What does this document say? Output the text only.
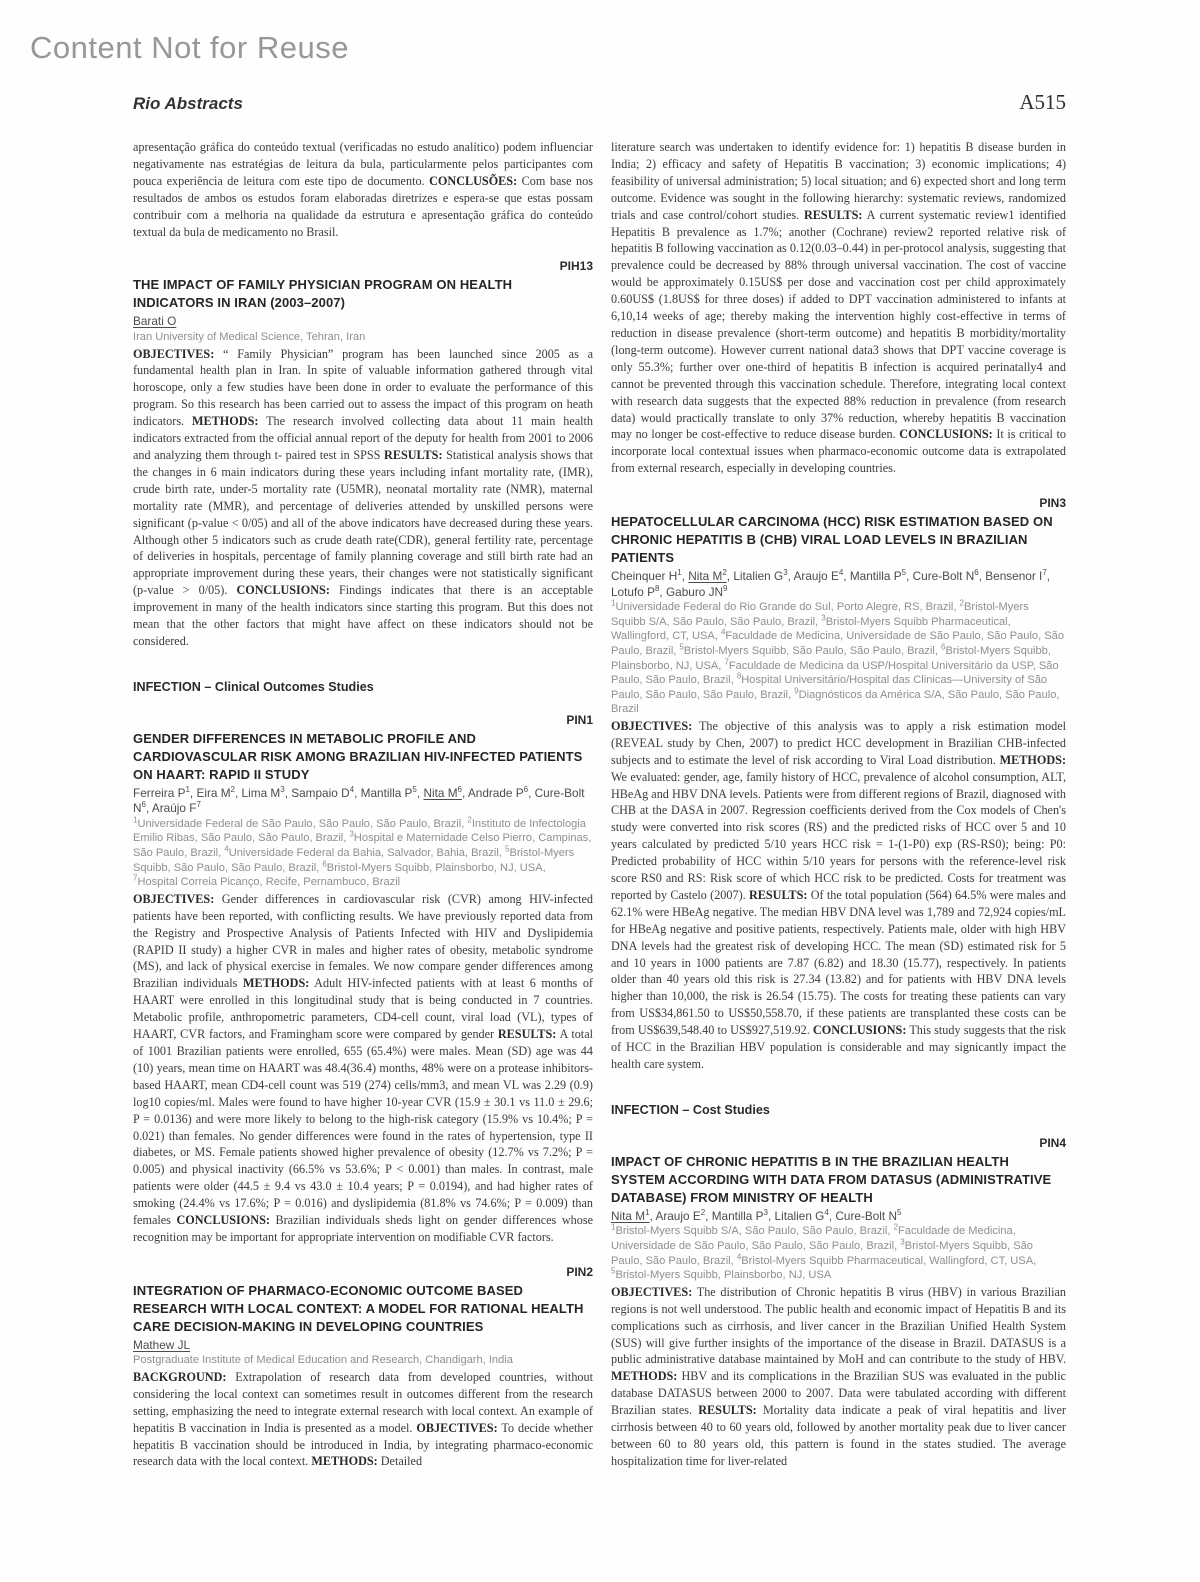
Content Not for Reuse
Rio Abstracts	A515

apresentação gráfica do conteúdo textual (verificadas no estudo analítico) podem influenciar negativamente nas estratégias de leitura da bula, particularmente pelos participantes com pouca experiência de leitura com este tipo de documento. CONCLUSÕES: Com base nos resultados de ambos os estudos foram elaboradas diretrizes e espera-se que estas possam contribuir com a melhoria na qualidade da estrutura e apresentação gráfica do conteúdo textual da bula de medicamento no Brasil.

PIH13
THE IMPACT OF FAMILY PHYSICIAN PROGRAM ON HEALTH INDICATORS IN IRAN (2003–2007)
Barati O
Iran University of Medical Science, Tehran, Iran

OBJECTIVES: “ Family Physician” program has been launched since 2005 as a fundamental health plan in Iran. In spite of valuable information gathered through vital horoscope, only a few studies have been done in order to evaluate the performance of this program. So this research has been carried out to assess the impact of this program on heath indicators. METHODS: The research involved collecting data about 11 main health indicators extracted from the official annual report of the deputy for health from 2001 to 2006 and analyzing them through t- paired test in SPSS RESULTS: Statistical analysis shows that the changes in 6 main indicators during these years including infant mortality rate, (IMR), crude birth rate, under-5 mortality rate (U5MR), neonatal mortality rate (NMR), maternal mortality rate (MMR), and percentage of deliveries attended by unskilled persons were significant (p-value < 0/05) and all of the above indicators have decreased during these years. Although other 5 indicators such as crude death rate(CDR), general fertility rate, percentage of deliveries in hospitals, percentage of family planning coverage and still birth rate had an appropriate improvement during these years, their changes were not statistically significant (p-value > 0/05). CONCLUSIONS: Findings indicates that there is an acceptable improvement in many of the health indicators since starting this program. But this does not mean that the other factors that might have affect on these indicators should not be considered.

INFECTION – Clinical Outcomes Studies
PIN1
GENDER DIFFERENCES IN METABOLIC PROFILE AND CARDIOVASCULAR RISK AMONG BRAZILIAN HIV-INFECTED PATIENTS ON HAART: RAPID II STUDY
Ferreira $P^1$, Eira $M^2$, Lima $M^3$, Sampaio $D^4$, Mantilla $P^5$, Nita $M^6$, Andrade $P^6$, Cure-Bolt $N^6$, Araújo $F^7$
$^1$Universidade Federal de São Paulo, São Paulo, São Paulo, Brazil, $^2$Instituto de Infectologia Emilio Ribas, São Paulo, São Paulo, Brazil, $^3$Hospital e Maternidade Celso Pierro, Campinas, São Paulo, Brazil, $^4$Universidade Federal da Bahia, Salvador, Bahia, Brazil, $^5$Bristol-Myers Squibb, São Paulo, São Paulo, Brazil, $^6$Bristol-Myers Squibb, Plainsborbo, NJ, USA, $^7$Hospital Correia Picanço, Recife, Pernambuco, Brazil

OBJECTIVES: Gender differences in cardiovascular risk (CVR) among HIV-infected patients have been reported, with conflicting results. We have previously reported data from the Registry and Prospective Analysis of Patients Infected with HIV and Dyslipidemia (RAPID II study) a higher CVR in males and higher rates of obesity, metabolic syndrome (MS), and lack of physical exercise in females. We now compare gender differences among Brazilian individuals METHODS: Adult HIV-infected patients with at least 6 months of HAART were enrolled in this longitudinal study that is being conducted in 7 countries. Metabolic profile, anthropometric parameters, CD4-cell count, viral load (VL), types of HAART, CVR factors, and Framingham score were compared by gender RESULTS: A total of 1001 Brazilian patients were enrolled, 655 (65.4%) were males. Mean (SD) age was 44 (10) years, mean time on HAART was 48.4(36.4) months, 48% were on a protease inhibitors-based HAART, mean CD4-cell count was 519 (274) cells/mm3, and mean VL was 2.29 (0.9) log10 copies/ml. Males were found to have higher 10-year CVR (15.9 ± 30.1 vs 11.0 ± 29.6; P = 0.0136) and were more likely to belong to the high-risk category (15.9% vs 10.4%; P = 0.021) than females. No gender differences were found in the rates of hypertension, type II diabetes, or MS. Female patients showed higher prevalence of obesity (12.7% vs 7.2%; P = 0.005) and physical inactivity (66.5% vs 53.6%; P < 0.001) than males. In contrast, male patients were older (44.5 ± 9.4 vs 43.0 ± 10.4 years; P = 0.0194), and had higher rates of smoking (24.4% vs 17.6%; P = 0.016) and dyslipidemia (81.8% vs 74.6%; P = 0.009) than females CONCLUSIONS: Brazilian individuals sheds light on gender differences whose recognition may be important for appropriate intervention on modifiable CVR factors.

PIN2
INTEGRATION OF PHARMACO-ECONOMIC OUTCOME BASED RESEARCH WITH LOCAL CONTEXT: A MODEL FOR RATIONAL HEALTH CARE DECISION-MAKING IN DEVELOPING COUNTRIES
Mathew JL
Postgraduate Institute of Medical Education and Research, Chandigarh, India

BACKGROUND: Extrapolation of research data from developed countries, without considering the local context can sometimes result in outcomes different from the research setting, emphasizing the need to integrate external research with local context. An example of hepatitis B vaccination in India is presented as a model. OBJECTIVES: To decide whether hepatitis B vaccination should be introduced in India, by integrating pharmaco-economic research data with the local context. METHODS: Detailed

literature search was undertaken to identify evidence for: 1) hepatitis B disease burden in India; 2) efficacy and safety of Hepatitis B vaccination; 3) economic implications; 4) feasibility of universal administration; 5) local situation; and 6) expected short and long term outcome. Evidence was sought in the following hierarchy: systematic reviews, randomized trials and case control/cohort studies. RESULTS: A current systematic review1 identified Hepatitis B prevalence as 1.7%; another (Cochrane) review2 reported relative risk of hepatitis B following vaccination as 0.12(0.03–0.44) in per-protocol analysis, suggesting that prevalence could be decreased by 88% through universal vaccination. The cost of vaccine would be approximately 0.15US$ per dose and vaccination cost per child approximately 0.60US$ (1.8US$ for three doses) if added to DPT vaccination administered to infants at 6,10,14 weeks of age; thereby making the intervention highly cost-effective in terms of reduction in disease prevalence (short-term outcome) and hepatitis B morbidity/mortality (long-term outcome). However current national data3 shows that DPT vaccine coverage is only 55.3%; further over one-third of hepatitis B infection is acquired perinatally4 and cannot be prevented through this vaccination schedule. Therefore, integrating local context with research data suggests that the expected 88% reduction in prevalence (from research data) would practically translate to only 37% reduction, whereby hepatitis B vaccination may no longer be cost-effective to reduce disease burden. CONCLUSIONS: It is critical to incorporate local contextual issues when pharmaco-economic outcome data is extrapolated from external research, especially in developing countries.

PIN3
HEPATOCELLULAR CARCINOMA (HCC) RISK ESTIMATION BASED ON CHRONIC HEPATITIS B (CHB) VIRAL LOAD LEVELS IN BRAZILIAN PATIENTS
Cheinquer $H^1$, Nita $M^2$, Litalien $G^3$, Araujo $E^4$, Mantilla $P^5$, Cure-Bolt $N^6$, Bensenor $I^7$, Lotufo $P^8$, Gaburo $JN^9$
$^1$Universidade Federal do Rio Grande do Sul, Porto Alegre, RS, Brazil, $^2$Bristol-Myers Squibb S/A, São Paulo, São Paulo, Brazil, $^3$Bristol-Myers Squibb Pharmaceutical, Wallingford, CT, USA, $^4$Faculdade de Medicina, Universidade de São Paulo, São Paulo, São Paulo, Brazil, $^5$Bristol-Myers Squibb, São Paulo, São Paulo, Brazil, $^6$Bristol-Myers Squibb, Plainsborbo, NJ, USA, $^7$Faculdade de Medicina da USP/Hospital Universitário da USP, São Paulo, São Paulo, Brazil, $^8$Hospital Universitário/Hospital das Clinicas—University of São Paulo, São Paulo, São Paulo, Brazil, $^9$Diagnósticos da América S/A, São Paulo, São Paulo, Brazil

OBJECTIVES: The objective of this analysis was to apply a risk estimation model (REVEAL study by Chen, 2007) to predict HCC development in Brazilian CHB-infected subjects and to estimate the level of risk according to Viral Load distribution. METHODS: We evaluated: gender, age, family history of HCC, prevalence of alcohol consumption, ALT, HBeAg and HBV DNA levels. Patients were from different regions of Brazil, diagnosed with CHB at the DASA in 2007. Regression coefficients derived from the Cox models of Chen's study were converted into risk scores (RS) and the predicted risks of HCC over 5 and 10 years calculated by predicted 5/10 years HCC risk = 1-(1-P0) exp (RS-RS0); being: P0: Predicted probability of HCC within 5/10 years for persons with the reference-level risk score RS0 and RS: Risk score of which HCC risk to be predicted. Costs for treatment was reported by Castelo (2007). RESULTS: Of the total population (564) 64.5% were males and 62.1% were HBeAg negative. The median HBV DNA level was 1,789 and 72,924 copies/mL for HBeAg negative and positive patients, respectively. Patients male, older with high HBV DNA levels had the greatest risk of developing HCC. The mean (SD) estimated risk for 5 and 10 years in 1000 patients are 7.87 (6.82) and 18.30 (15.77), respectively. In patients older than 40 years old this risk is 27.34 (13.82) and for patients with HBV DNA levels higher than 10,000, the risk is 26.54 (15.75). The costs for treating these patients can vary from US$34,861.50 to US$50,558.70, if these patients are transplanted these costs can be from US$639,548.40 to US$927,519.92. CONCLUSIONS: This study suggests that the risk of HCC in the Brazilian HBV population is considerable and may signicantly impact the health care system.

INFECTION – Cost Studies
PIN4
IMPACT OF CHRONIC HEPATITIS B IN THE BRAZILIAN HEALTH SYSTEM ACCORDING WITH DATA FROM DATASUS (ADMINISTRATIVE DATABASE) FROM MINISTRY OF HEALTH
Nita $M^1$, Araujo $E^2$, Mantilla $P^3$, Litalien $G^4$, Cure-Bolt $N^5$
$^1$Bristol-Myers Squibb S/A, São Paulo, São Paulo, Brazil, $^2$Faculdade de Medicina, Universidade de São Paulo, São Paulo, São Paulo, Brazil, $^3$Bristol-Myers Squibb, São Paulo, São Paulo, Brazil, $^4$Bristol-Myers Squibb Pharmaceutical, Wallingford, CT, USA, $^5$Bristol-Myers Squibb, Plainsborbo, NJ, USA

OBJECTIVES: The distribution of Chronic hepatitis B virus (HBV) in various Brazilian regions is not well understood. The public health and economic impact of Hepatitis B and its complications such as cirrhosis, and liver cancer in the Brazilian Unified Health System (SUS) will give further insights of the importance of the disease in Brazil. DATASUS is a public administrative database maintained by MoH and can contribute to the study of HBV. METHODS: HBV and its complications in the Brazilian SUS was evaluated in the public database DATASUS between 2000 to 2007. Data were tabulated according with different Brazilian states. RESULTS: Mortality data indicate a peak of viral hepatitis and liver cirrhosis between 40 to 60 years old, followed by another mortality peak due to liver cancer between 60 to 80 years old, this pattern is found in the states studied. The average hospitalization time for liver-related
